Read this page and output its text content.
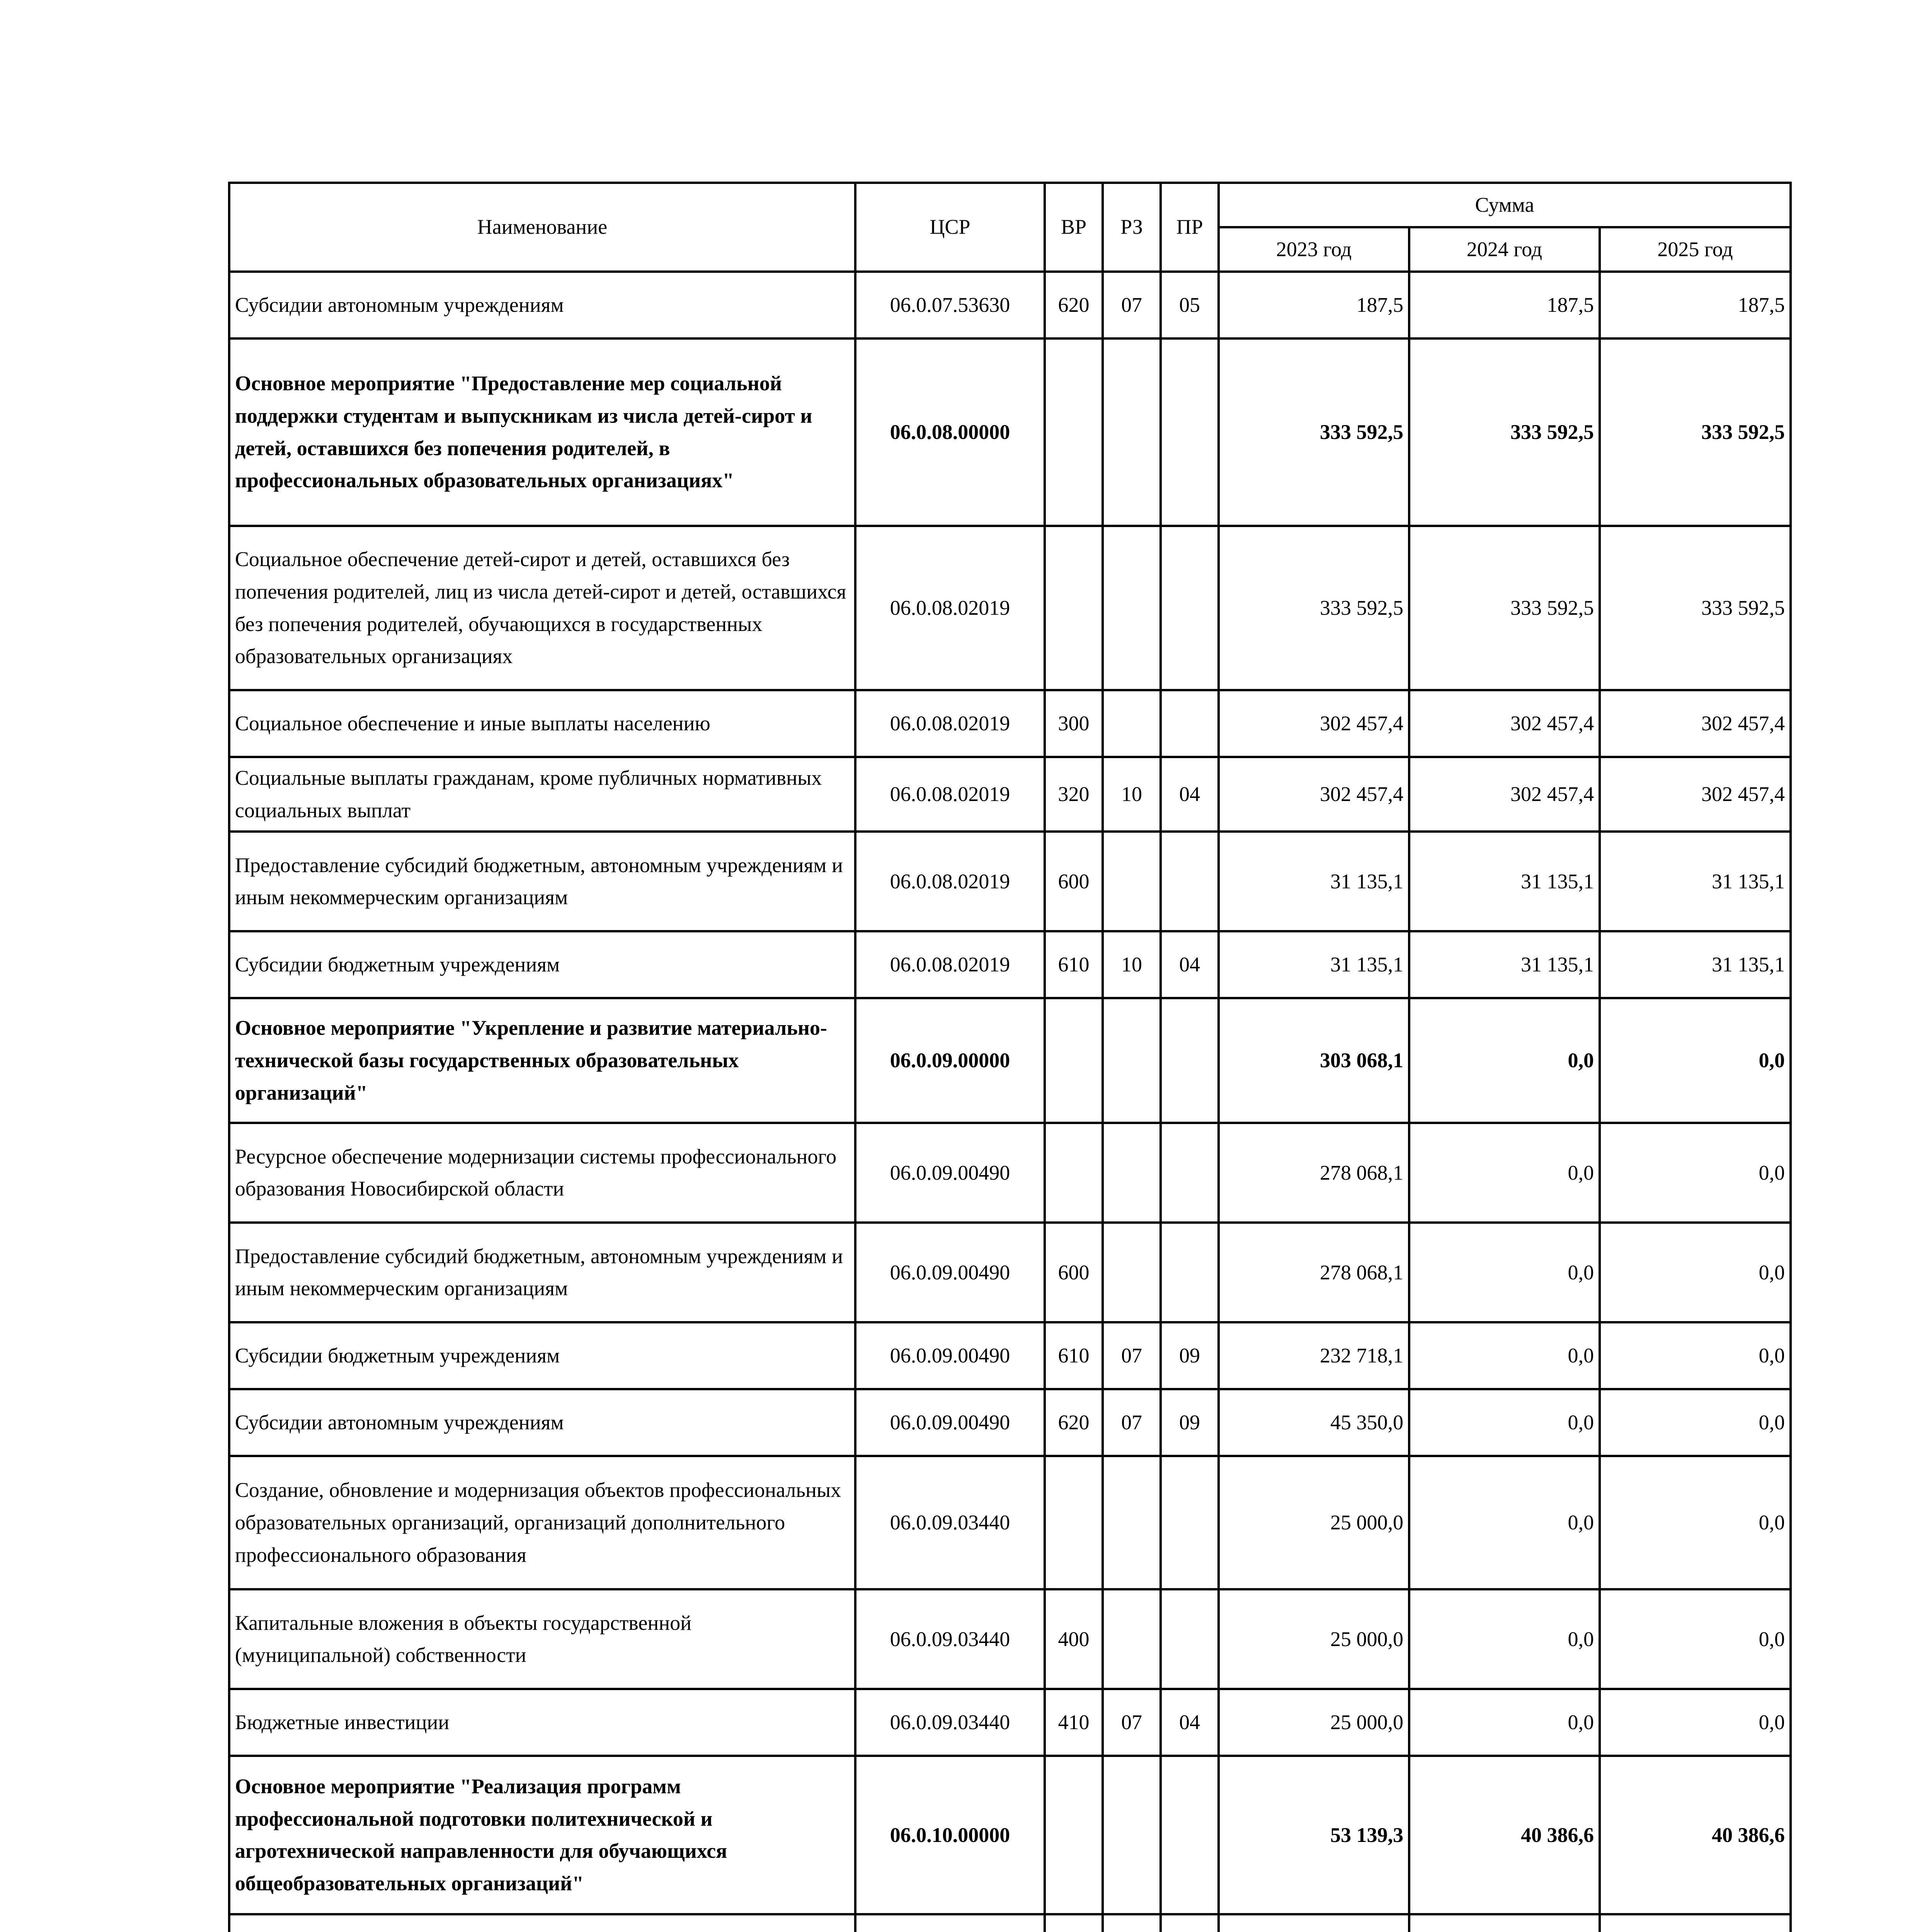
Наименование	ЦСР	ВР	РЗ	ПР	Сумма		
					2023 год	2024 год	2025 год
Субсидии автономным учреждениям	06.0.07.53630	620	07	05	187,5	187,5	187,5
Основное мероприятие "Предоставление мер социальной поддержки студентам и выпускникам из числа детей-сирот и детей, оставшихся без попечения родителей, в профессиональных образовательных организациях"	06.0.08.00000				333 592,5	333 592,5	333 592,5
Социальное обеспечение детей-сирот и детей, оставшихся без попечения родителей, лиц из числа детей-сирот и детей, оставшихся без попечения родителей, обучающихся в государственных образовательных организациях	06.0.08.02019				333 592,5	333 592,5	333 592,5
Социальное обеспечение и иные выплаты населению	06.0.08.02019	300			302 457,4	302 457,4	302 457,4
Социальные выплаты гражданам, кроме публичных нормативных социальных выплат	06.0.08.02019	320	10	04	302 457,4	302 457,4	302 457,4
Предоставление субсидий бюджетным, автономным учреждениям и иным некоммерческим организациям	06.0.08.02019	600			31 135,1	31 135,1	31 135,1
Субсидии бюджетным учреждениям	06.0.08.02019	610	10	04	31 135,1	31 135,1	31 135,1
Основное мероприятие "Укрепление и развитие материально-технической базы государственных образовательных организаций"	06.0.09.00000				303 068,1	0,0	0,0
Ресурсное обеспечение модернизации системы профессионального образования Новосибирской области	06.0.09.00490				278 068,1	0,0	0,0
Предоставление субсидий бюджетным, автономным учреждениям и иным некоммерческим организациям	06.0.09.00490	600			278 068,1	0,0	0,0
Субсидии бюджетным учреждениям	06.0.09.00490	610	07	09	232 718,1	0,0	0,0
Субсидии автономным учреждениям	06.0.09.00490	620	07	09	45 350,0	0,0	0,0
Создание, обновление и модернизация объектов профессиональных образовательных организаций, организаций дополнительного профессионального образования	06.0.09.03440				25 000,0	0,0	0,0
Капитальные вложения в объекты государственной (муниципальной) собственности	06.0.09.03440	400			25 000,0	0,0	0,0
Бюджетные инвестиции	06.0.09.03440	410	07	04	25 000,0	0,0	0,0
Основное мероприятие "Реализация программ профессиональной подготовки политехнической и агротехнической направленности для обучающихся общеобразовательных организаций"	06.0.10.00000				53 139,3	40 386,6	40 386,6
